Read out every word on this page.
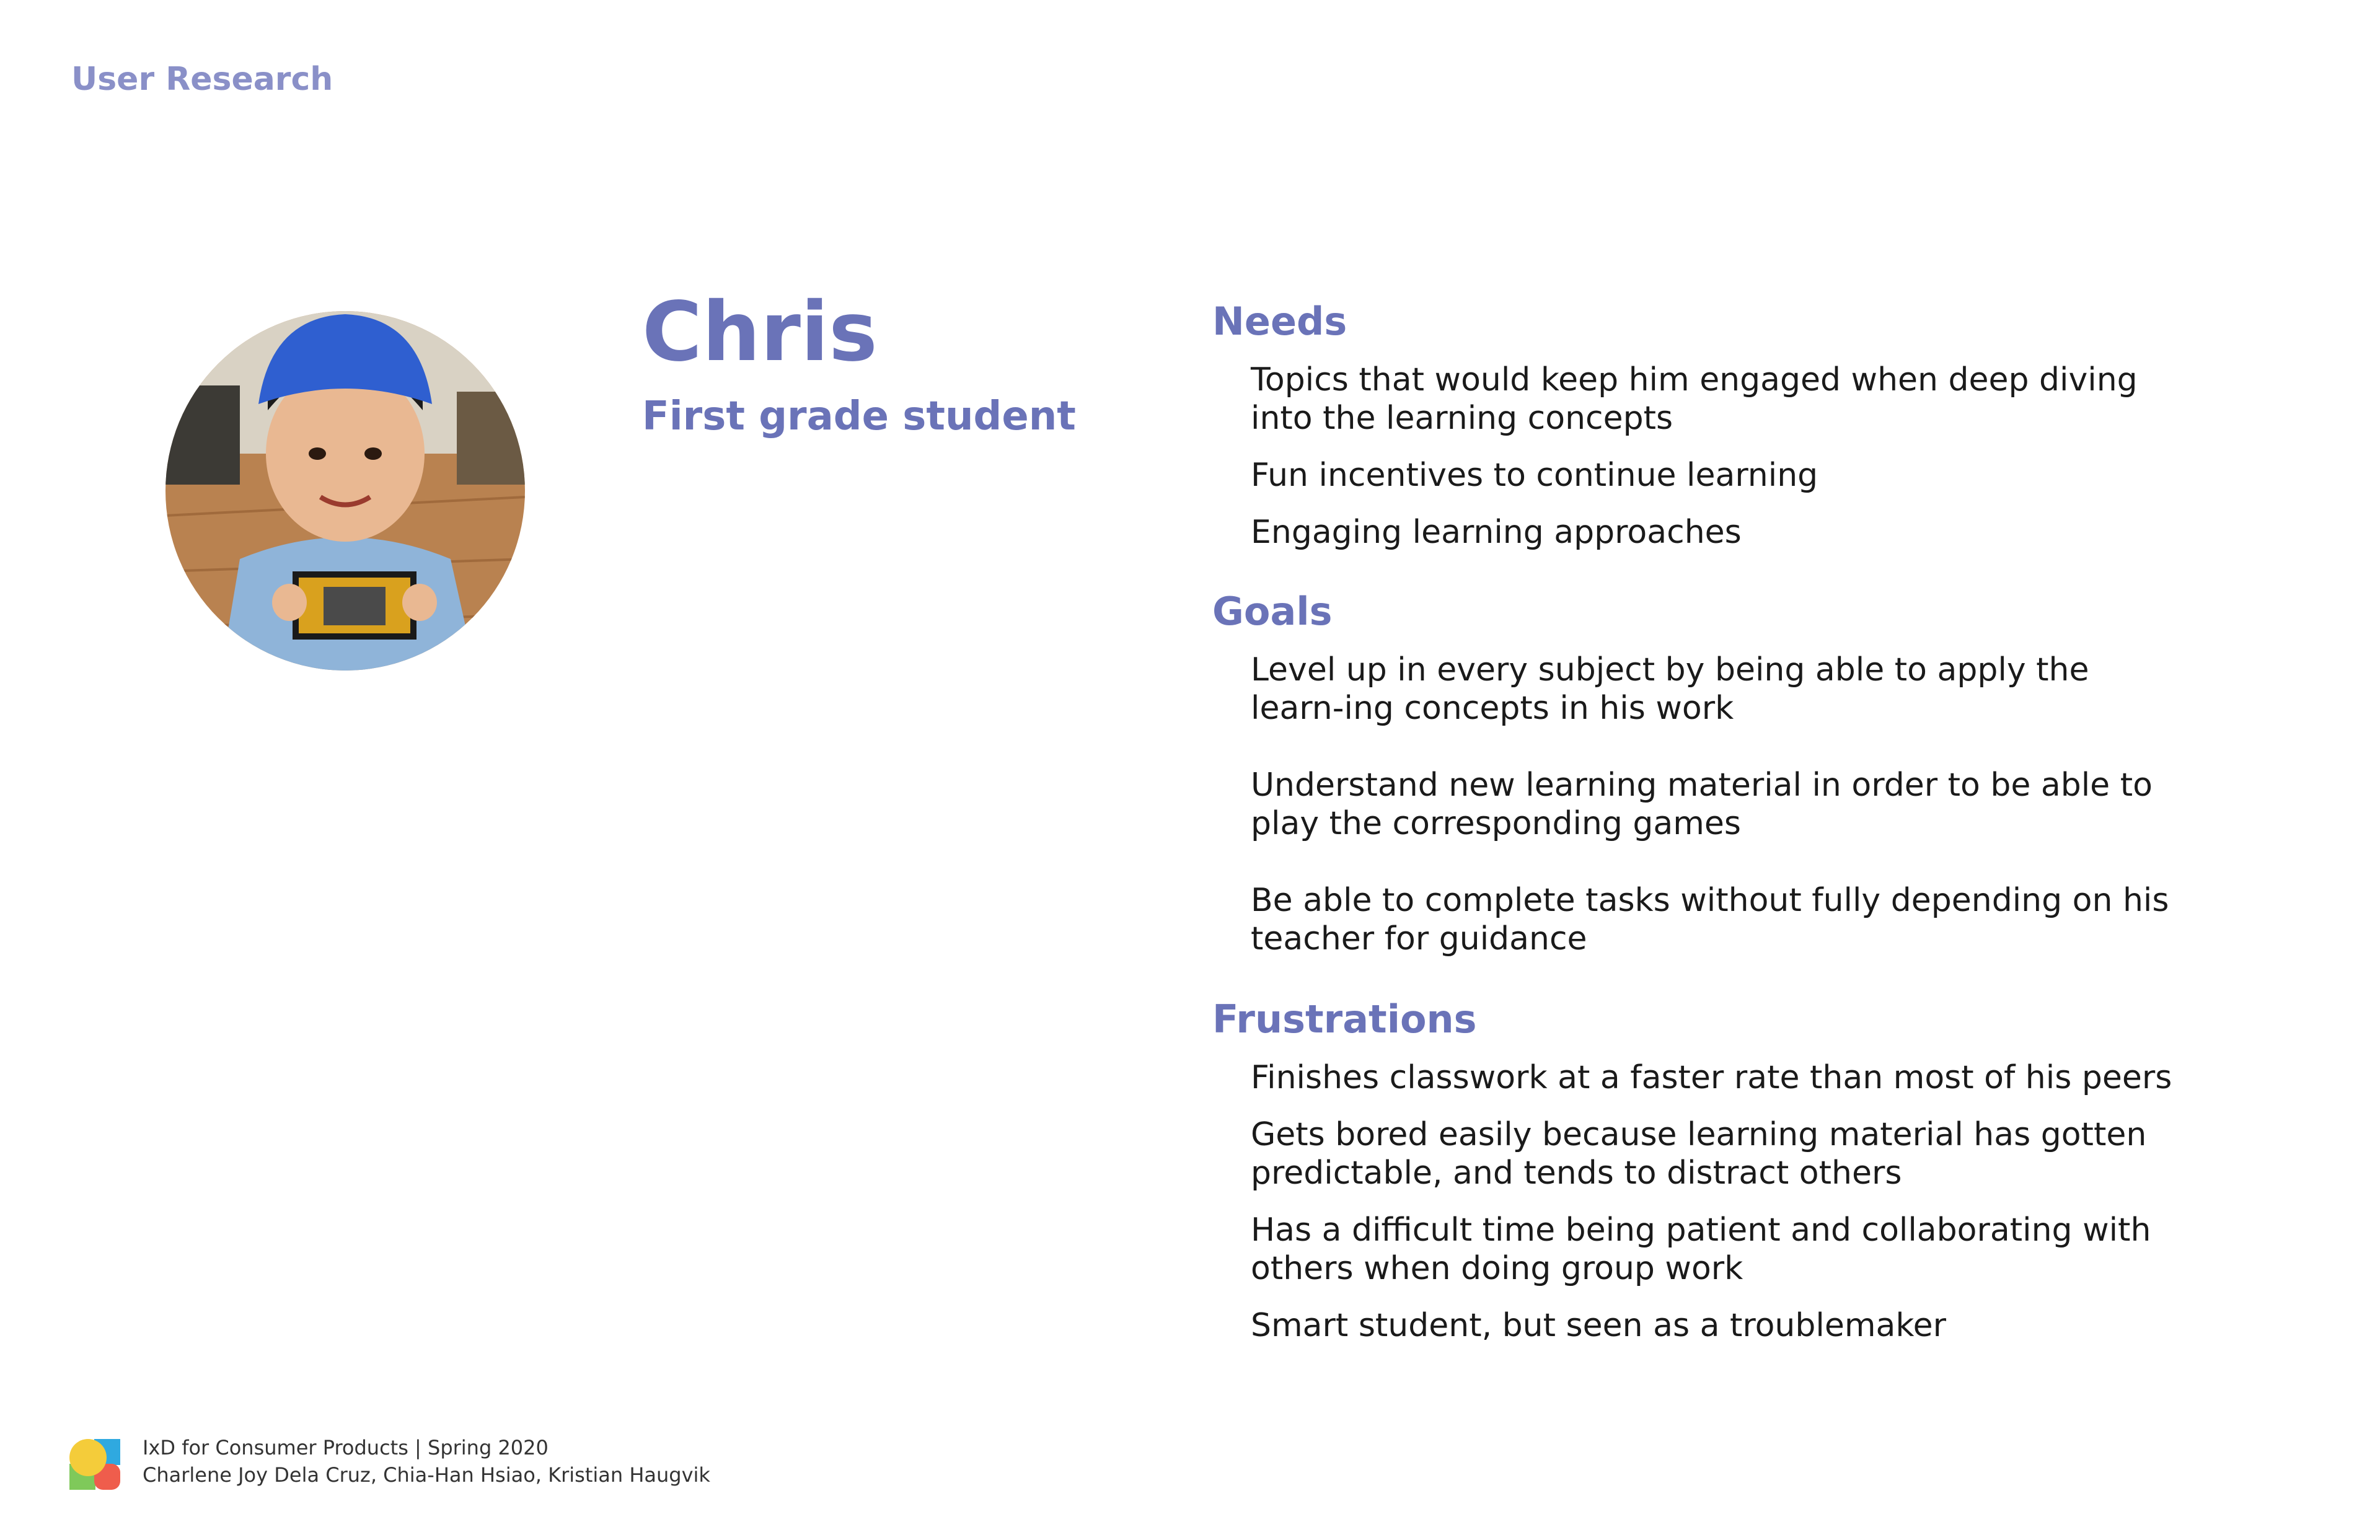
User Research
Chris
First grade student
Needs
Topics that would keep him engaged when deep diving into the learning concepts
Fun incentives to continue learning
Engaging learning approaches
Goals
Level up in every subject by being able to apply the learn-ing concepts in his work
Understand new learning material in order to be able to play the corresponding games
Be able to complete tasks without fully depending on his teacher for guidance
Frustrations
Finishes classwork at a faster rate than most of his peers
Gets bored easily because learning material has gotten predictable, and tends to distract others
Has a difficult time being patient and collaborating with others when doing group work
Smart student, but seen as a troublemaker
IxD for Consumer Products | Spring 2020
Charlene Joy Dela Cruz, Chia-Han Hsiao, Kristian Haugvik
